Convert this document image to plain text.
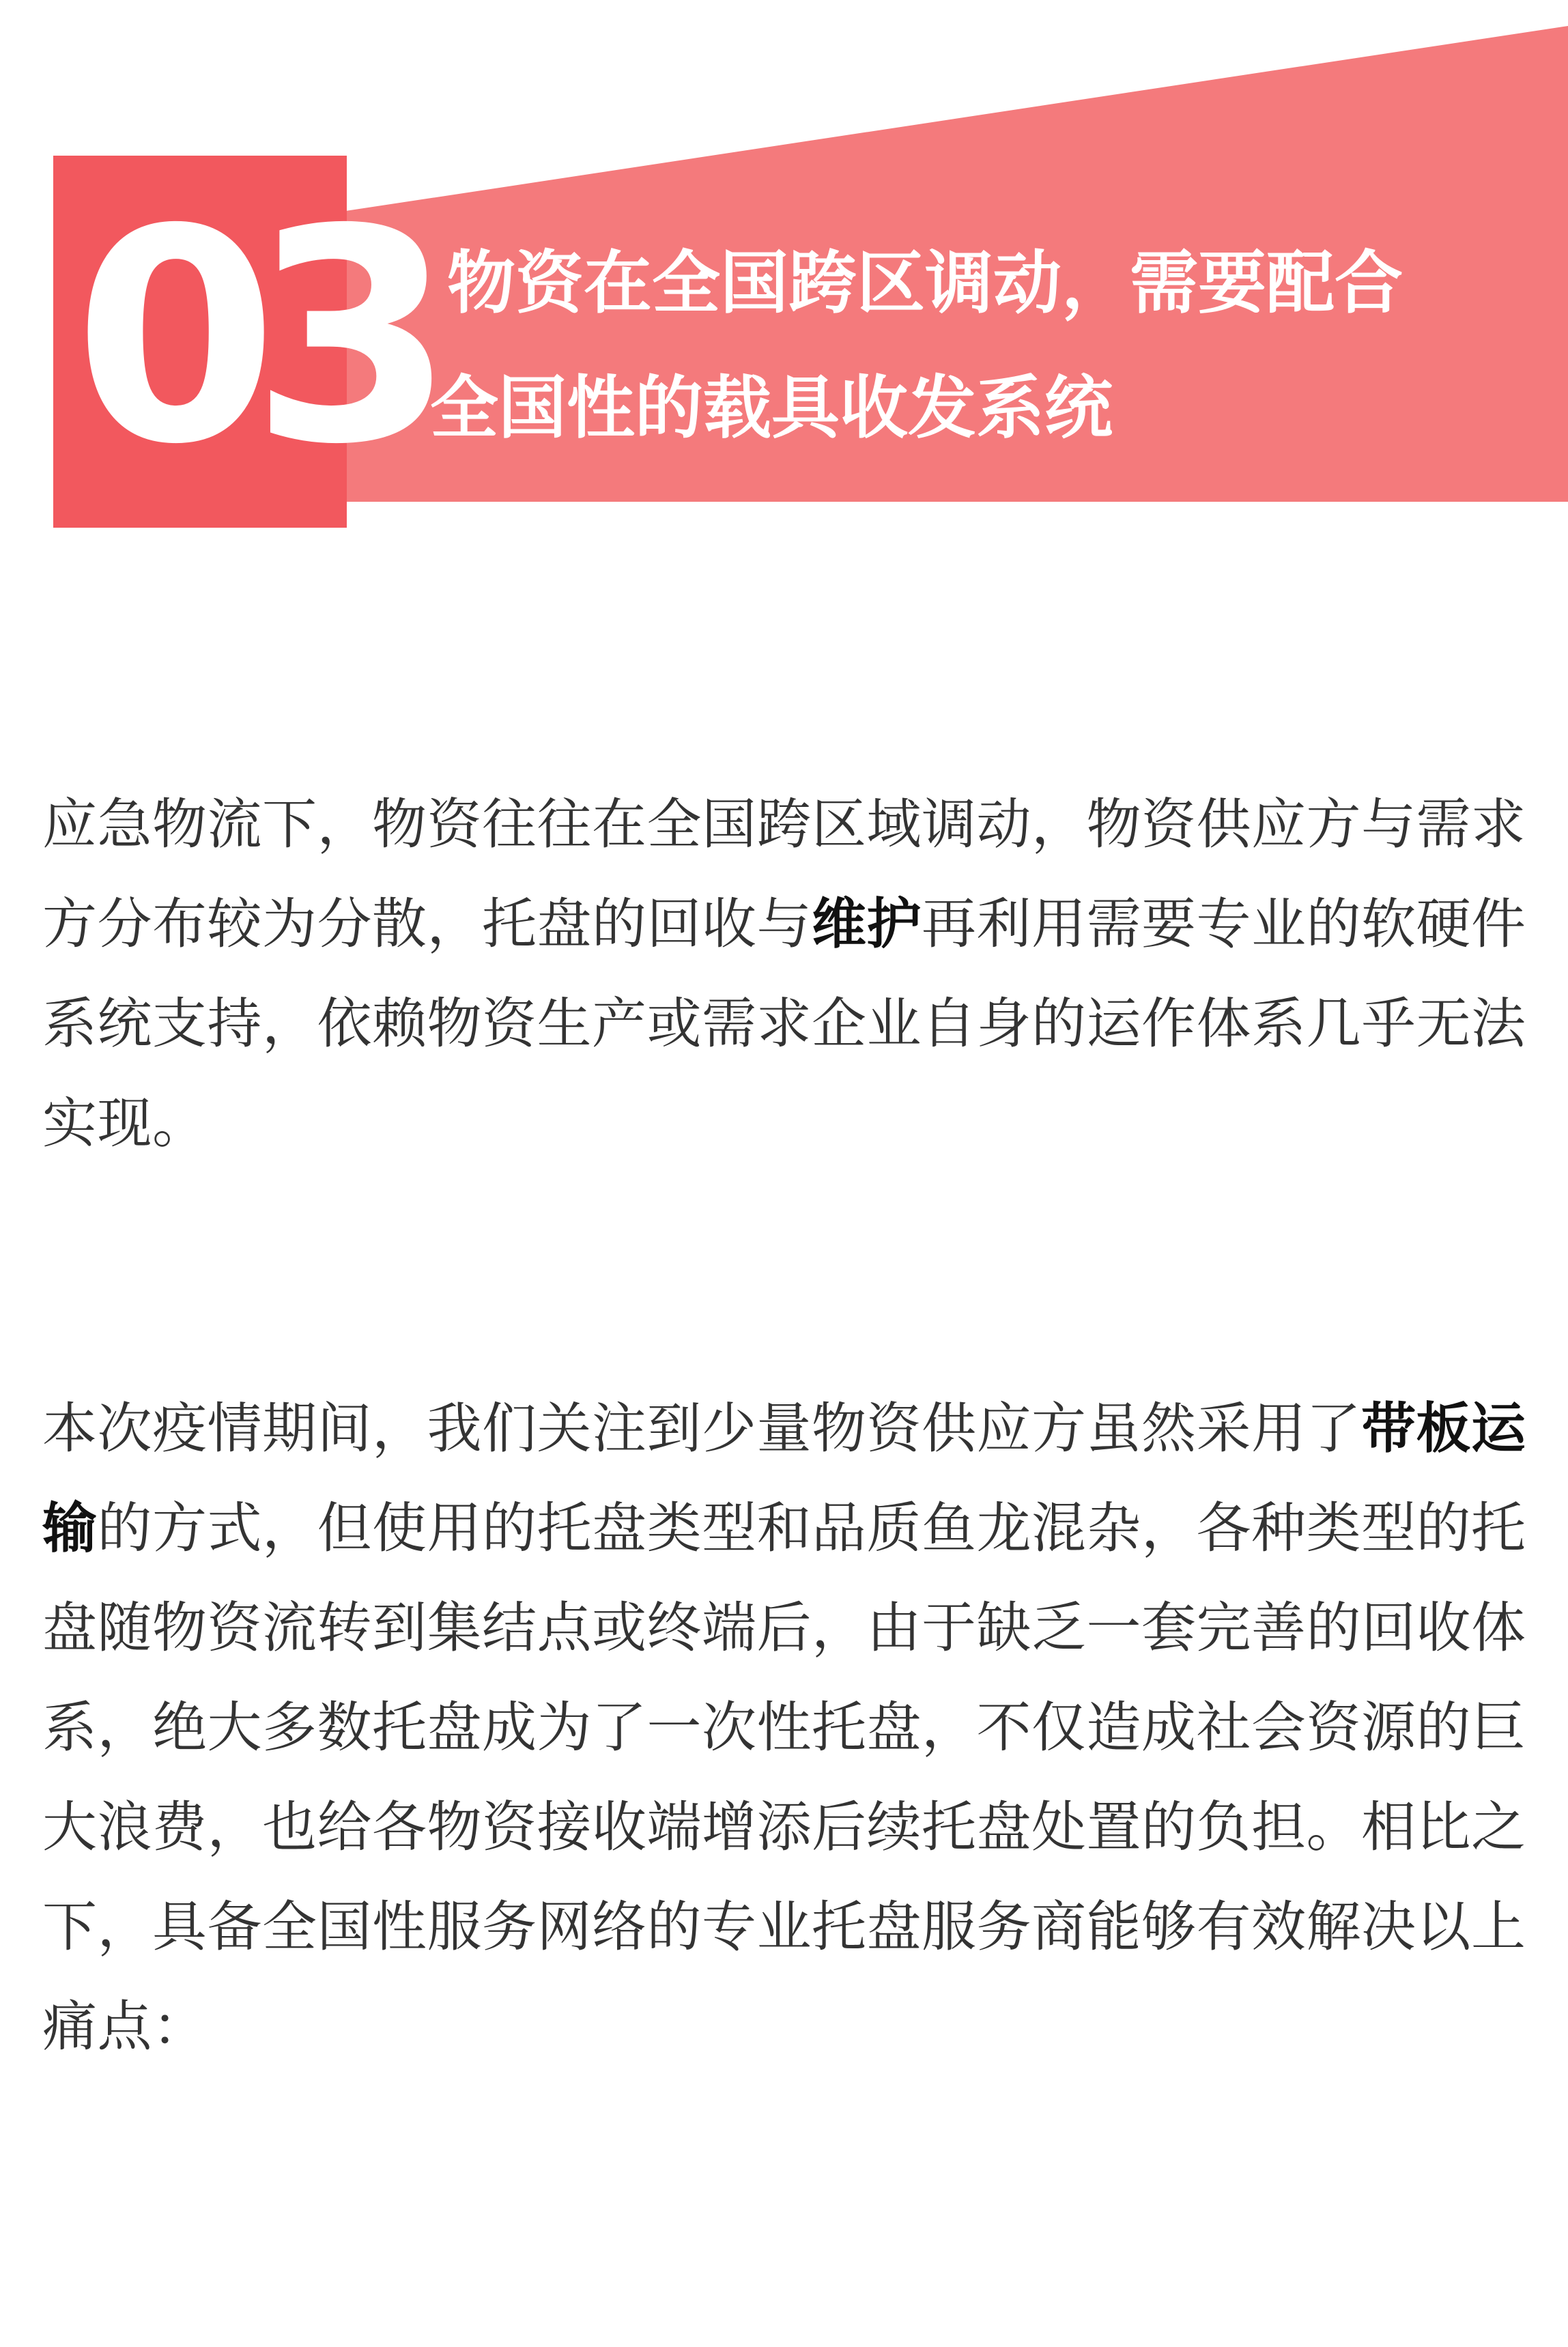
03 物资在全国跨区调动，需要配合
全国性的载具收发系统

应急物流下，物资往往在全国跨区域调动，物资供应方与需求方分布较为分散，托盘的回收与维护再利用需要专业的软硬件系统支持，依赖物资生产或需求企业自身的运作体系几乎无法实现。

本次疫情期间，我们关注到少量物资供应方虽然采用了带板运输的方式，但使用的托盘类型和品质鱼龙混杂，各种类型的托盘随物资流转到集结点或终端后，由于缺乏一套完善的回收体系，绝大多数托盘成为了一次性托盘，不仅造成社会资源的巨大浪费，也给各物资接收端增添后续托盘处置的负担。相比之下，具备全国性服务网络的专业托盘服务商能够有效解决以上痛点：
